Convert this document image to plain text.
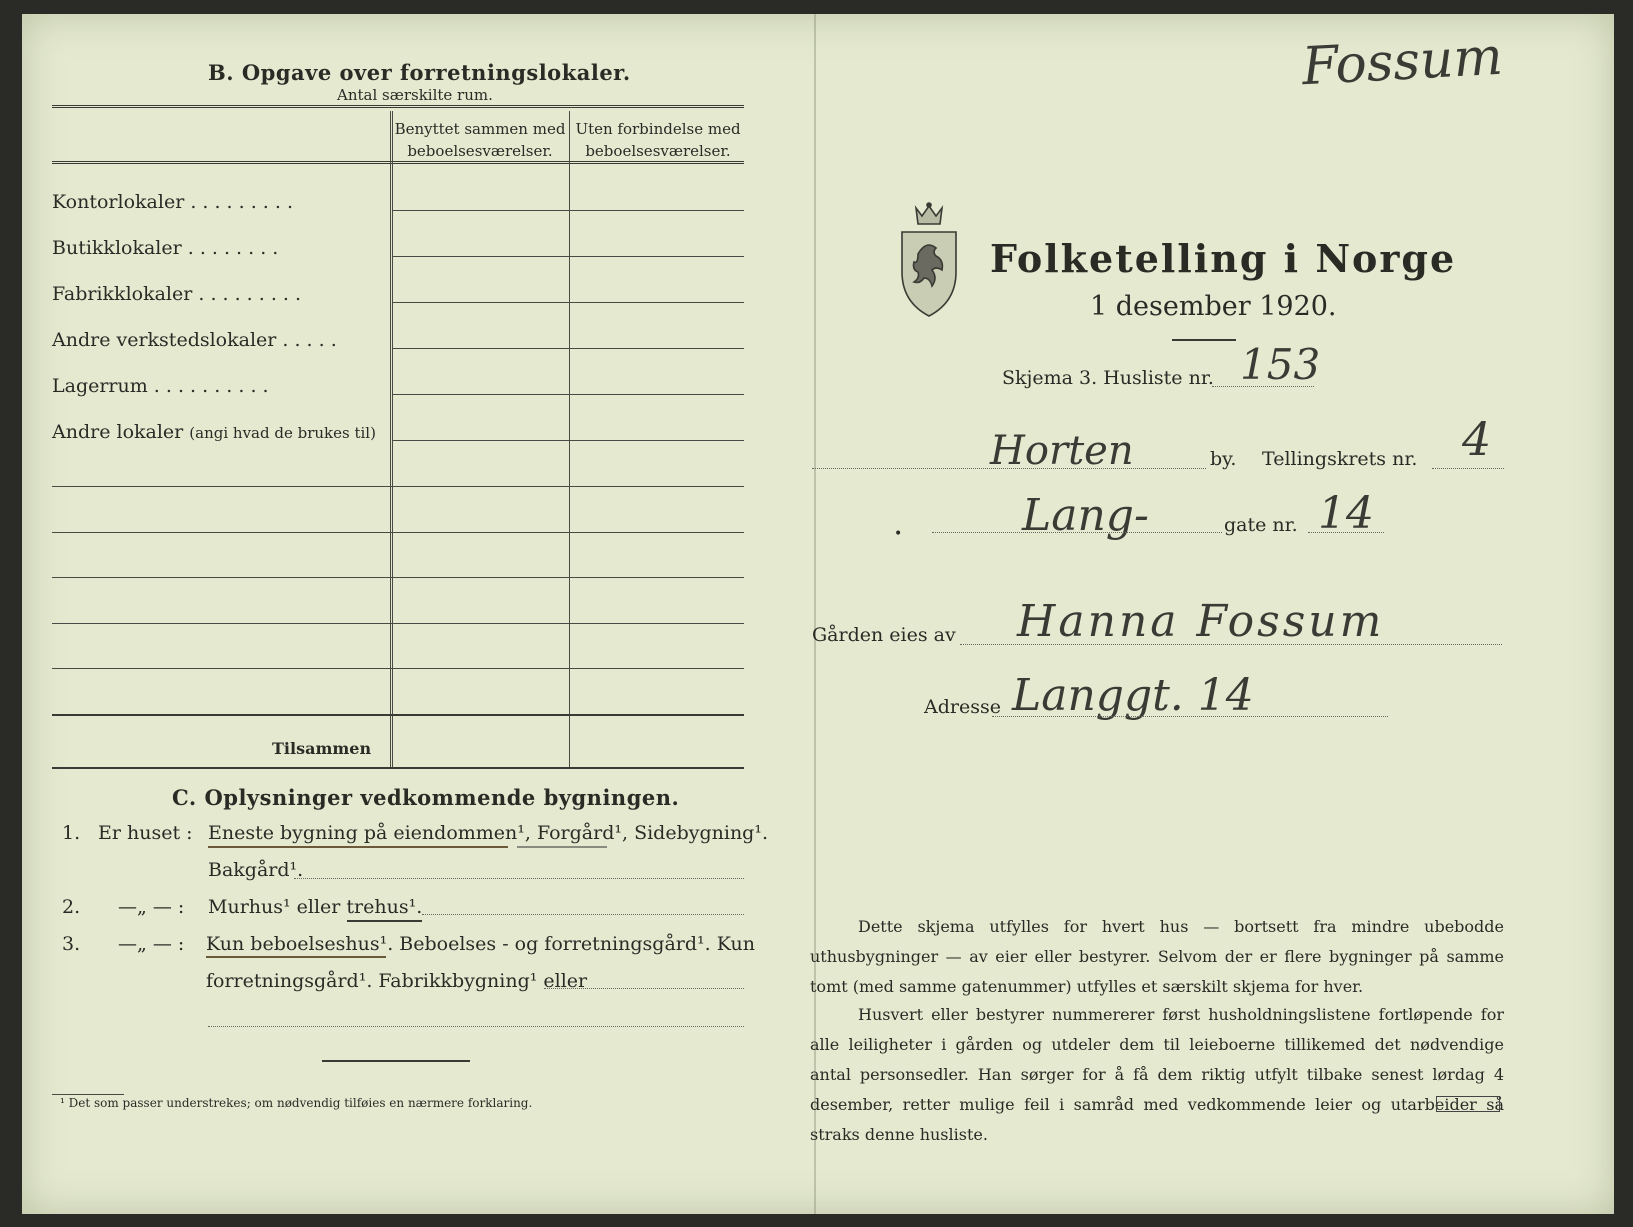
B. Opgave over forretningslokaler.
Antal særskilte rum.
Benyttet sammen med
beboelsesværelser.
Uten forbindelse med
beboelsesværelser.
Kontorlokaler . . . . . . . . .
Butikklokaler . . . . . . . .
Fabrikklokaler . . . . . . . . .
Andre verkstedslokaler . . . . .
Lagerrum . . . . . . . . . .
Andre lokaler (angi hvad de brukes til)
Tilsammen
C. Oplysninger vedkommende bygningen.
1. Er huset : Eneste bygning på eiendommen¹, Forgård¹, Sidebygning¹.
Bakgård¹.
2. —„ — : Murhus¹ eller trehus¹.
3. —„ — : Kun beboelseshus¹. Beboelses - og forretningsgård¹. Kun
forretningsgård¹. Fabrikkbygning¹ eller
¹ Det som passer understrekes; om nødvendig tilføies en nærmere forklaring.
Fossum
Folketelling i Norge
1 desember 1920.
Skjema 3. Husliste nr. 153
Horten	by. Tellingskrets nr. 4
•	Lang-	gate nr. 14
Gården eies av Hanna Fossum
Adresse Langgt. 14
Dette skjema utfylles for hvert hus — bortsett fra mindre ubebodde uthusbygninger — av eier eller bestyrer. Selvom der er flere bygninger på samme tomt (med samme gatenummer) utfylles et særskilt skjema for hver.
Husvert eller bestyrer nummererer først husholdningslistene fortløpende for alle leiligheter i gården og utdeler dem til leieboerne tillikemed det nødvendige antal personsedler. Han sørger for å få dem riktig utfylt tilbake senest lørdag 4 desember, retter mulige feil i samråd med vedkommende leier og utarbeider så straks denne husliste.
